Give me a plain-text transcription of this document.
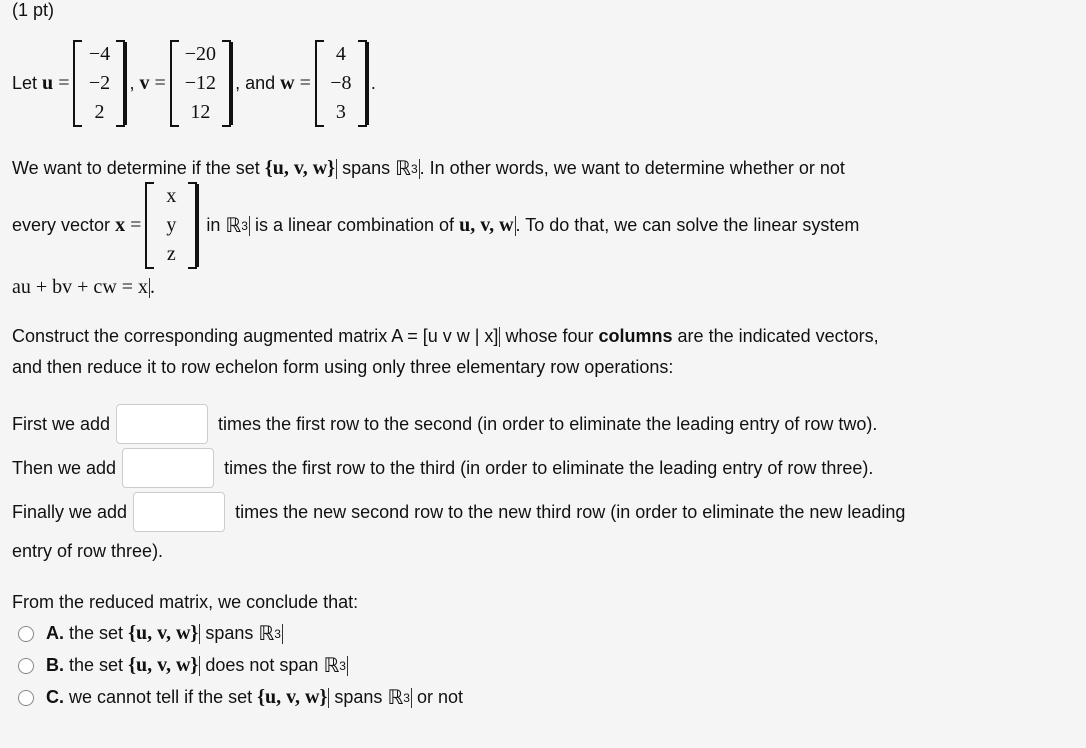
(1 pt)
Let
u
=
−4
−2
2
, v
=
−20
−12
12
, and
w
=
4
−8
3
.
We want to determine if the set
{u, v, w}
spans
ℝ 3 . In other words, we want to determine whether or not
every vector
x
=
x
y
z

in
ℝ 3
is a linear combination of
u, v, w . To do that, we can solve the linear system
au + bv + cw = x .
Construct the corresponding augmented matrix A = [u v w | x]
whose four
columns
are the indicated vectors,
and then reduce it to row echelon form using only three elementary row operations:
First we add	times the first row to the second (in order to eliminate the leading entry of row two).
Then we add	times the first row to the third (in order to eliminate the leading entry of row three).
Finally we add	times the new second row to the new third row (in order to eliminate the new leading
entry of row three).
From the reduced matrix, we conclude that:
A.
the set
{u, v, w}
spans
ℝ 3
B.
the set
{u, v, w}
does not span
ℝ 3
C.
we cannot tell if the set
{u, v, w}
spans
ℝ 3
or not
